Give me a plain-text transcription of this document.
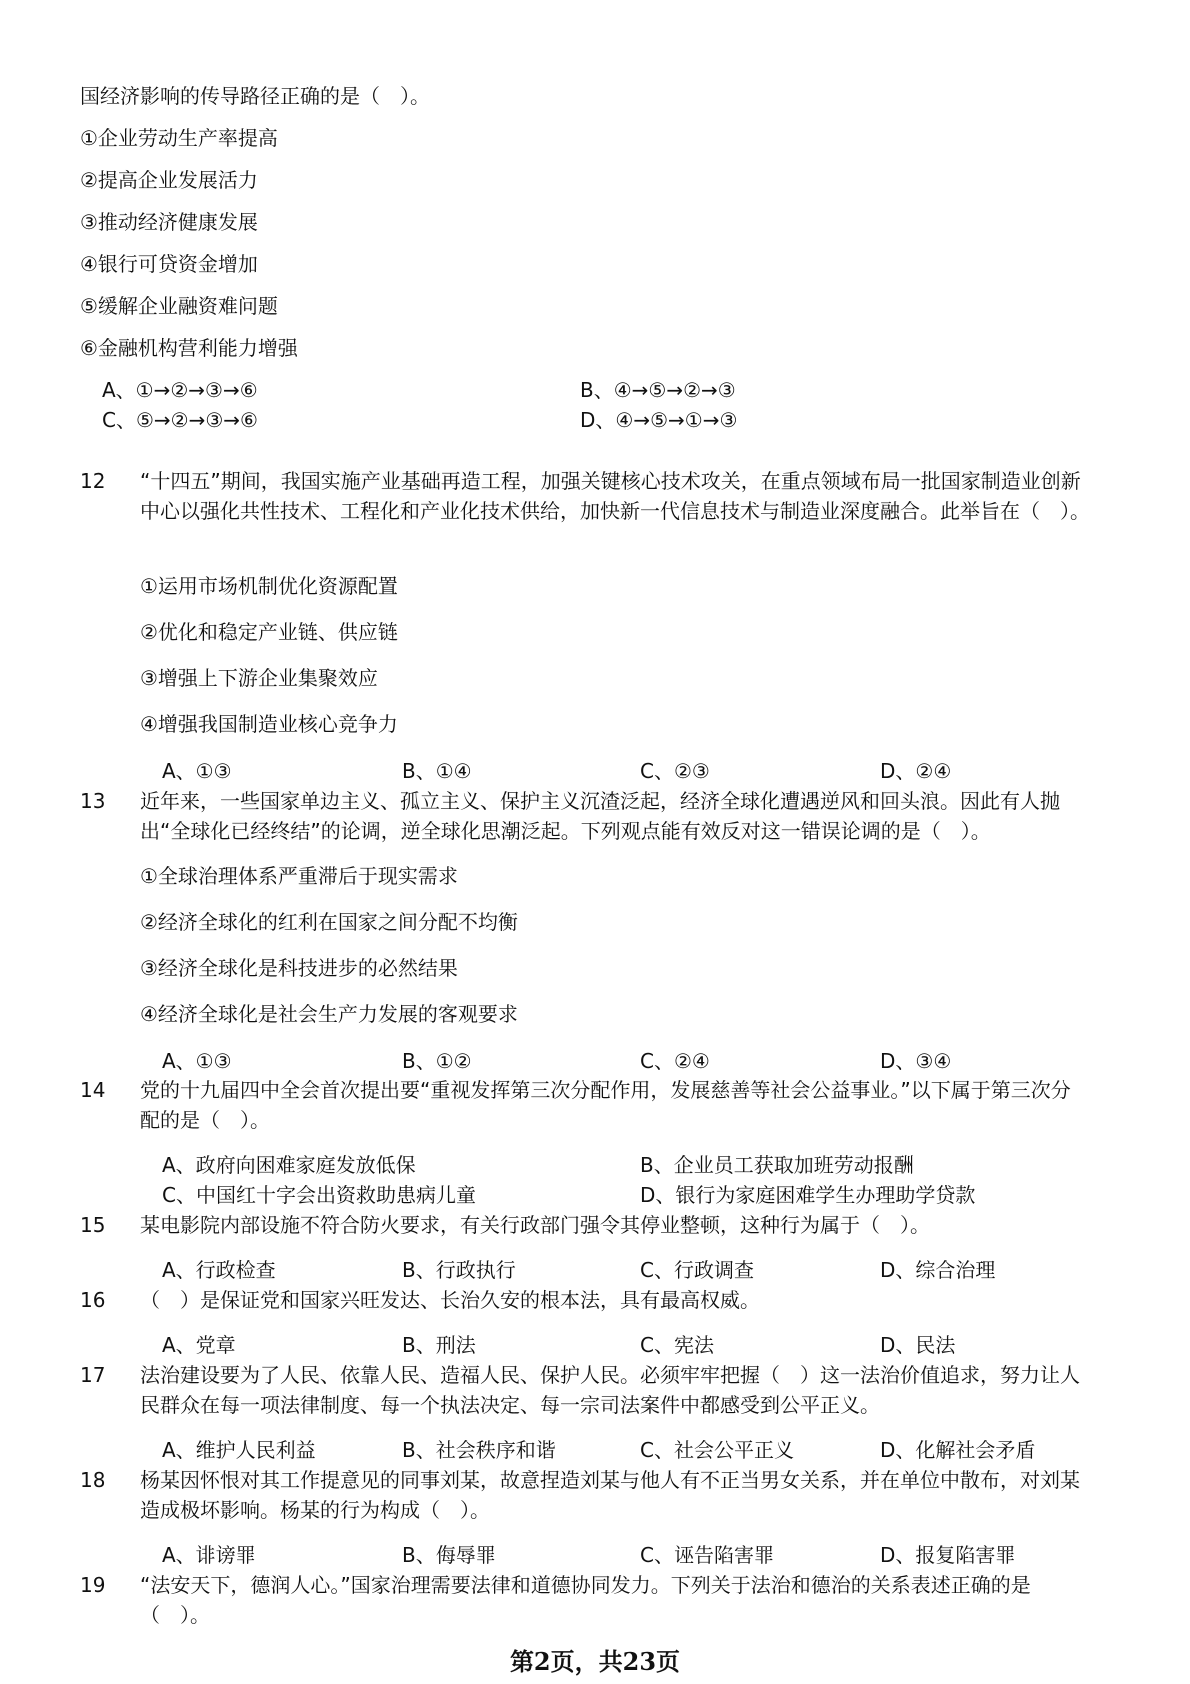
国经济影响的传导路径正确的是（　）。
①企业劳动生产率提高
②提高企业发展活力
③推动经济健康发展
④银行可贷资金增加
⑤缓解企业融资难问题
⑥金融机构营利能力增强
A、①→②→③→⑥	B、④→⑤→②→③
C、⑤→②→③→⑥	D、④→⑤→①→③
12 “十四五”期间，我国实施产业基础再造工程，加强关键核心技术攻关，在重点领域布局一批国家制造业创新中心以强化共性技术、工程化和产业化技术供给，加快新一代信息技术与制造业深度融合。此举旨在（　）。
①运用市场机制优化资源配置
②优化和稳定产业链、供应链
③增强上下游企业集聚效应
④增强我国制造业核心竞争力
A、①③	B、①④	C、②③	D、②④
13 近年来，一些国家单边主义、孤立主义、保护主义沉渣泛起，经济全球化遭遇逆风和回头浪。因此有人抛出“全球化已经终结”的论调，逆全球化思潮泛起。下列观点能有效反对这一错误论调的是（　）。
①全球治理体系严重滞后于现实需求
②经济全球化的红利在国家之间分配不均衡
③经济全球化是科技进步的必然结果
④经济全球化是社会生产力发展的客观要求
A、①③	B、①②	C、②④	D、③④
14 党的十九届四中全会首次提出要“重视发挥第三次分配作用，发展慈善等社会公益事业。”以下属于第三次分配的是（　）。
A、政府向困难家庭发放低保	B、企业员工获取加班劳动报酬
C、中国红十字会出资救助患病儿童	D、银行为家庭困难学生办理助学贷款
15 某电影院内部设施不符合防火要求，有关行政部门强令其停业整顿，这种行为属于（　）。
A、行政检查	B、行政执行	C、行政调查	D、综合治理
16 （　）是保证党和国家兴旺发达、长治久安的根本法，具有最高权威。
A、党章	B、刑法	C、宪法	D、民法
17 法治建设要为了人民、依靠人民、造福人民、保护人民。必须牢牢把握（　）这一法治价值追求，努力让人民群众在每一项法律制度、每一个执法决定、每一宗司法案件中都感受到公平正义。
A、维护人民利益	B、社会秩序和谐	C、社会公平正义	D、化解社会矛盾
18 杨某因怀恨对其工作提意见的同事刘某，故意捏造刘某与他人有不正当男女关系，并在单位中散布，对刘某造成极坏影响。杨某的行为构成（　）。
A、诽谤罪	B、侮辱罪	C、诬告陷害罪	D、报复陷害罪
19 “法安天下，德润人心。”国家治理需要法律和道德协同发力。下列关于法治和德治的关系表述正确的是（　）。
第2页，共23页
